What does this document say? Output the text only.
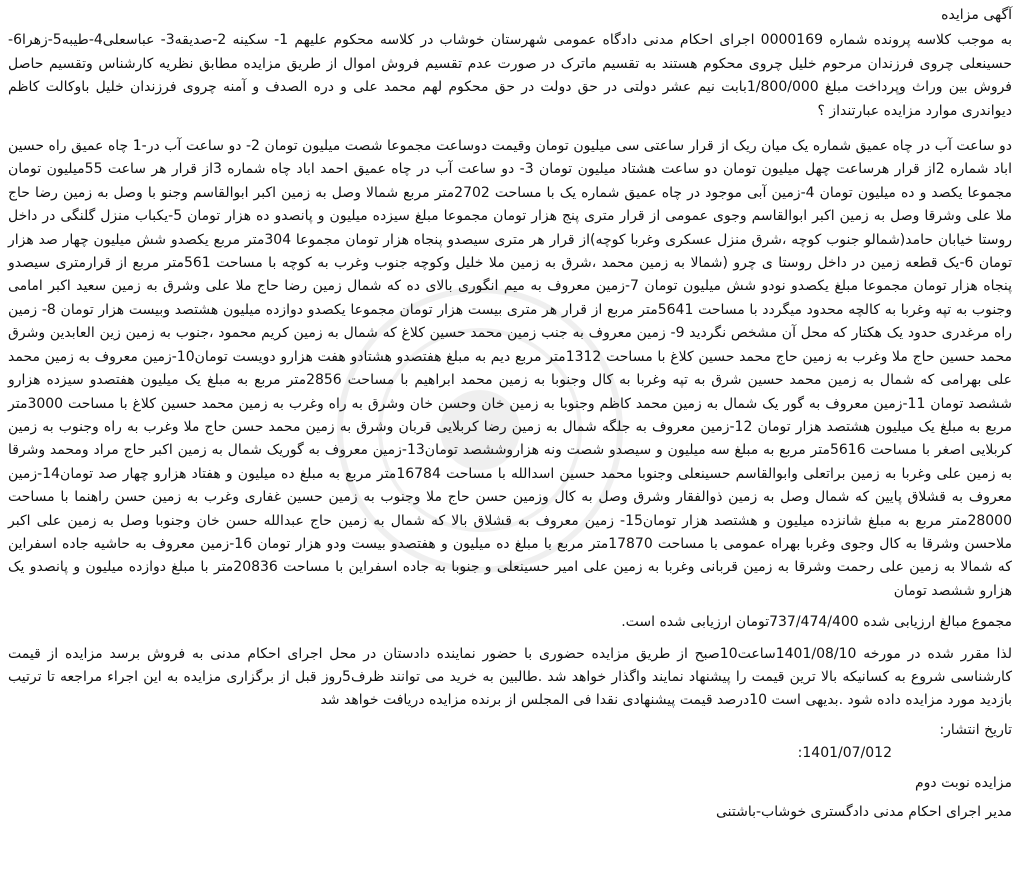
آگهی مزایده

به موجب کلاسه پرونده شماره 0000169 اجرای احکام مدنی دادگاه عمومی شهرستان خوشاب در کلاسه محکوم علیهم 1- سکینه 2-صدیقه3- عباسعلی4-طیبه5-زهرا6-حسینعلی چروی فرزندان مرحوم خلیل چروی محکوم هستند به تقسیم ماترک در صورت عدم تقسیم فروش اموال از طریق مزایده مطابق نظریه کارشناس وتقسیم حاصل فروش بین وراث وپرداخت مبلغ 1/800/000بابت نیم عشر دولتی در حق دولت در حق محکوم لهم محمد علی و دره الصدف و آمنه چروی فرزندان خلیل باوکالت کاظم دیواندری موارد مزایده عبارتنداز ؟

دو ساعت آب در چاه عمیق شماره یک میان ریک از قرار ساعتی سی میلیون تومان وقیمت دوساعت مجموعا شصت میلیون تومان 2- دو ساعت آب در-1 چاه عمیق راه حسین اباد شماره 2از قرار هرساعت چهل میلیون تومان دو ساعت هشتاد میلیون تومان 3- دو ساعت آب در چاه عمیق احمد اباد چاه شماره 3از قرار هر ساعت 55میلیون تومان مجموعا یکصد و ده میلیون تومان 4-زمین آبی موجود در چاه عمیق شماره یک با مساحت 2702متر مربع شمالا وصل به زمین اکبر ابوالقاسم وجنو با وصل به زمین رضا حاج ملا علی وشرقا وصل به زمین اکبر ابوالقاسم وجوی عمومی از قرار متری پنج هزار تومان مجموعا مبلغ سیزده میلیون و پانصدو ده هزار تومان 5-یکباب منزل گلنگی در داخل روستا خیابان حامد(شمالو جنوب کوچه ،شرق منزل عسکری وغربا کوچه)از قرار هر متری سیصدو پنجاه هزار تومان مجموعا 304متر مربع یکصدو شش میلیون چهار صد هزار تومان 6-یک قطعه زمین در داخل روستا ی چرو (شمالا به زمین محمد ،شرق به زمین ملا خلیل وکوچه جنوب وغرب به کوچه با مساحت 561متر مربع از قرارمتری سیصدو پنجاه هزار تومان مجموعا مبلغ یکصدو نودو شش میلیون تومان 7-زمین معروف به میم انگوری بالای ده که شمال زمین رضا حاج ملا علی وشرق به زمین سعید اکبر امامی وجنوب به تپه وغربا به کالچه محدود میگردد با مساحت 5641متر مربع از قرار هر متری بیست هزار تومان مجموعا یکصدو دوازده میلیون هشتصد وبیست هزار تومان 8- زمین راه مرغدری حدود یک هکتار که محل آن مشخص نگردید 9- زمین معروف به جنب زمین محمد حسین کلاغ که شمال به زمین کریم محمود ،جنوب به زمین زین العابدین وشرق محمد حسین حاج ملا وغرب به زمین حاج محمد حسین کلاغ با مساحت 1312متر مربع دیم به مبلغ هفتصدو هشتادو هفت هزارو دویست تومان10-زمین معروف به زمین محمد علی بهرامی که شمال به زمین محمد حسین شرق به تپه وغربا به کال وجنوبا به زمین محمد ابراهیم با مساحت 2856متر مربع به مبلغ یک میلیون هفتصدو سیزده هزارو ششصد تومان 11-زمین معروف به گور یک شمال به زمین محمد کاظم وجنوبا به زمین خان وحسن خان وشرق به راه وغرب به زمین محمد حسین کلاغ با مساحت 3000متر مربع به مبلغ یک میلیون هشتصد هزار تومان 12-زمین معروف به جلگه شمال به زمین رضا کربلایی قربان وشرق به زمین محمد حسن حاج ملا وغرب به راه وجنوب به زمین کربلایی اصغر با مساحت 5616متر مربع به مبلغ سه میلیون و سیصدو شصت ونه هزاروششصد تومان13-زمین معروف به گوریک شمال به زمین اکبر حاج مراد ومحمد وشرقا به زمین علی وغربا به زمین براتعلی وابوالقاسم حسینعلی وجنوبا محمد حسین اسدالله با مساحت 16784متر مربع به مبلغ ده میلیون و هفتاد هزارو چهار صد تومان14-زمین معروف به قشلاق پایین که شمال وصل به زمین ذوالفقار وشرق وصل به کال وزمین حسن حاج ملا وجنوب به زمین حسین غفاری وغرب به زمین حسن راهنما با مساحت 28000متر مربع به مبلغ شانزده میلیون و هشتصد هزار تومان15- زمین معروف به قشلاق بالا که شمال به زمین حاج عبدالله حسن خان وجنوبا وصل به زمین علی اکبر ملاحسن وشرقا به کال وجوی وغربا بهراه عمومی با مساحت 17870متر مربع با مبلغ ده میلیون و هفتصدو بیست ودو هزار تومان 16-زمین معروف به حاشیه جاده اسفراین که شمالا به زمین علی رحمت وشرقا به زمین قربانی وغربا به زمین علی امیر حسینعلی و جنوبا به جاده اسفراین با مساحت 20836متر با مبلغ دوازده میلیون و پانصدو یک هزارو ششصد تومان

مجموع مبالغ ارزیابی شده 737/474/400تومان ارزیابی شده است.

لذا مقرر شده در مورخه 1401/08/10ساعت10صبح از طریق مزایده حضوری با حضور نماینده دادستان در محل اجرای احکام مدنی به فروش برسد مزایده از قیمت کارشناسی شروع به کسانیکه بالا ترین قیمت را پیشنهاد نمایند واگذار خواهد شد .طالبین به خرید می توانند ظرف5روز قبل از برگزاری مزایده به این اجراء مراجعه تا ترتیب بازدید مورد مزایده داده شود .بدیهی است 10درصد قیمت پیشنهادی نقدا فی المجلس از برنده مزایده دریافت خواهد شد

تاریخ انتشار:

1401/07/012:

مزایده نوبت دوم

مدیر اجرای احکام مدنی دادگستری خوشاب-باشتنی
